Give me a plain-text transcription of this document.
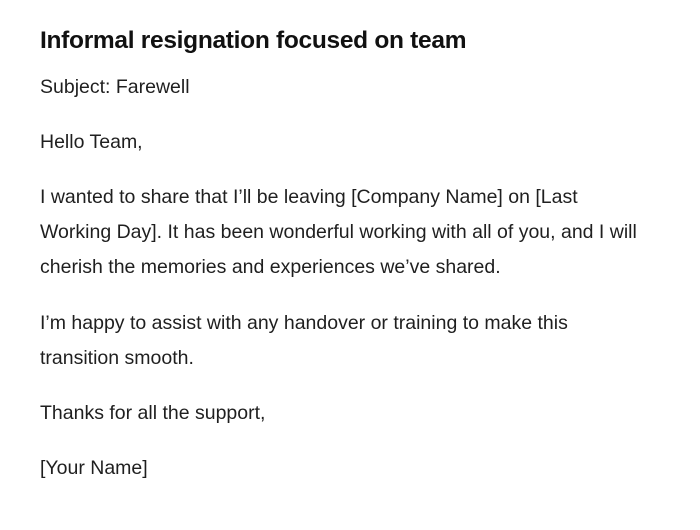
Informal resignation focused on team

Subject: Farewell

Hello Team,

I wanted to share that I’ll be leaving [Company Name] on [Last Working Day]. It has been wonderful working with all of you, and I will cherish the memories and experiences we’ve shared.

I’m happy to assist with any handover or training to make this transition smooth.

Thanks for all the support,

[Your Name]
